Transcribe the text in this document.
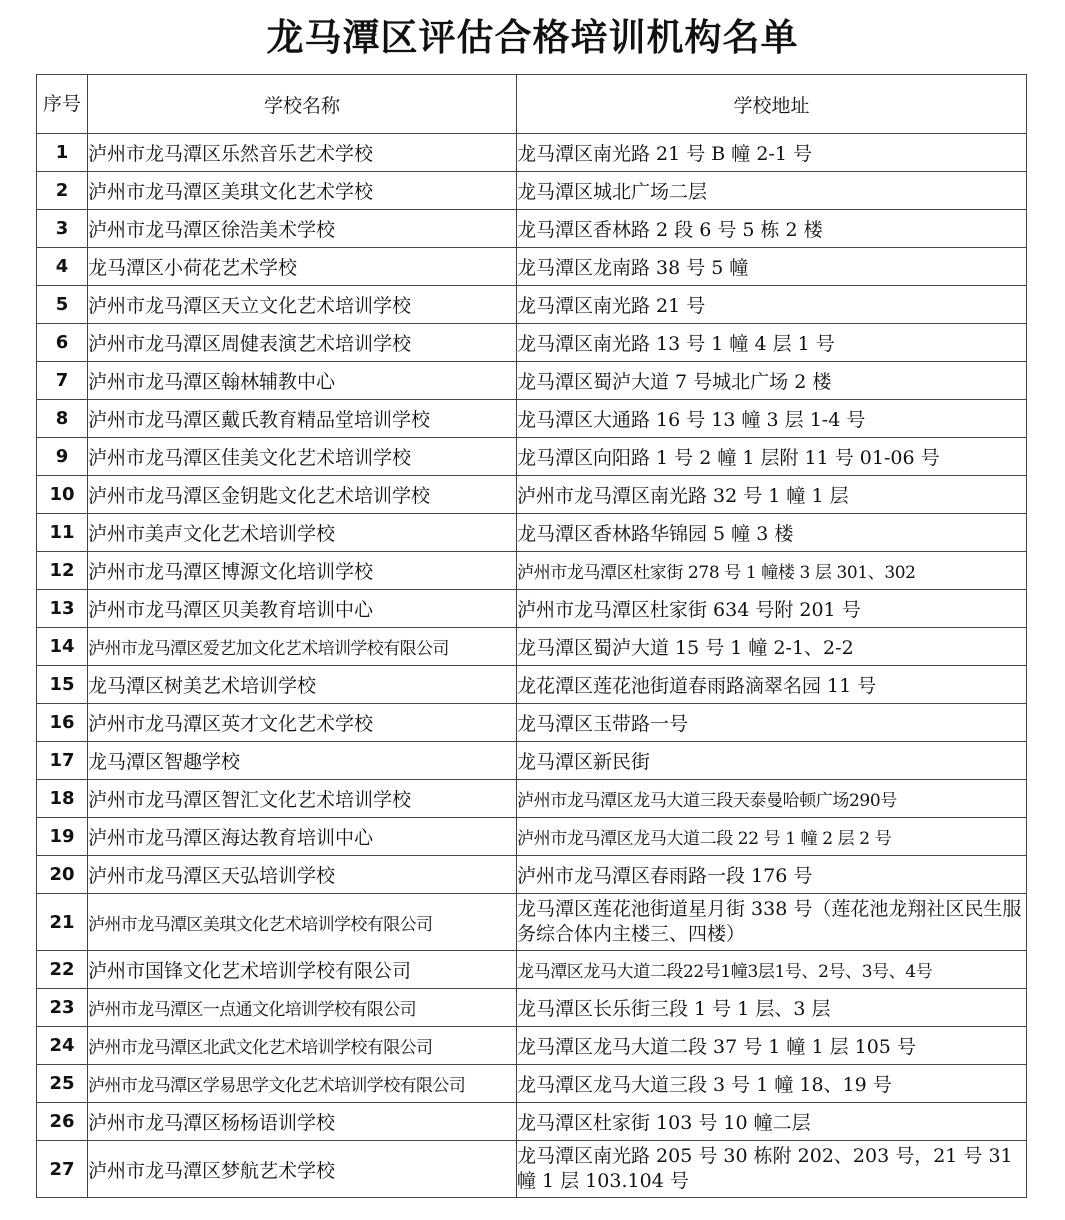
龙马潭区评估合格培训机构名单
序号	学校名称	学校地址
1	泸州市龙马潭区乐然音乐艺术学校	龙马潭区南光路 21 号 B 幢 2-1 号
2	泸州市龙马潭区美琪文化艺术学校	龙马潭区城北广场二层
3	泸州市龙马潭区徐浩美术学校	龙马潭区香林路 2 段 6 号 5 栋 2 楼
4	龙马潭区小荷花艺术学校	龙马潭区龙南路 38 号 5 幢
5	泸州市龙马潭区天立文化艺术培训学校	龙马潭区南光路 21 号
6	泸州市龙马潭区周健表演艺术培训学校	龙马潭区南光路 13 号 1 幢 4 层 1 号
7	泸州市龙马潭区翰林辅教中心	龙马潭区蜀泸大道 7 号城北广场 2 楼
8	泸州市龙马潭区戴氏教育精品堂培训学校	龙马潭区大通路 16 号 13 幢 3 层 1-4 号
9	泸州市龙马潭区佳美文化艺术培训学校	龙马潭区向阳路 1 号 2 幢 1 层附 11 号 01-06 号
10	泸州市龙马潭区金钥匙文化艺术培训学校	泸州市龙马潭区南光路 32 号 1 幢 1 层
11	泸州市美声文化艺术培训学校	龙马潭区香林路华锦园 5 幢 3 楼
12	泸州市龙马潭区博源文化培训学校	泸州市龙马潭区杜家街 278 号 1 幢楼 3 层 301、302
13	泸州市龙马潭区贝美教育培训中心	泸州市龙马潭区杜家街 634 号附 201 号
14	泸州市龙马潭区爱艺加文化艺术培训学校有限公司	龙马潭区蜀泸大道 15 号 1 幢 2-1、2-2
15	龙马潭区树美艺术培训学校	龙花潭区莲花池街道春雨路滴翠名园 11 号
16	泸州市龙马潭区英才文化艺术学校	龙马潭区玉带路一号
17	龙马潭区智趣学校	龙马潭区新民街
18	泸州市龙马潭区智汇文化艺术培训学校	泸州市龙马潭区龙马大道三段天泰曼哈顿广场290号
19	泸州市龙马潭区海达教育培训中心	泸州市龙马潭区龙马大道二段 22 号 1 幢 2 层 2 号
20	泸州市龙马潭区天弘培训学校	泸州市龙马潭区春雨路一段 176 号
21	泸州市龙马潭区美琪文化艺术培训学校有限公司	龙马潭区莲花池街道星月街 338 号（莲花池龙翔社区民生服务综合体内主楼三、四楼）
22	泸州市国锋文化艺术培训学校有限公司	龙马潭区龙马大道二段22号1幢3层1号、2号、3号、4号
23	泸州市龙马潭区一点通文化培训学校有限公司	龙马潭区长乐街三段 1 号 1 层、3 层
24	泸州市龙马潭区北武文化艺术培训学校有限公司	龙马潭区龙马大道二段 37 号 1 幢 1 层 105 号
25	泸州市龙马潭区学易思学文化艺术培训学校有限公司	龙马潭区龙马大道三段 3 号 1 幢 18、19 号
26	泸州市龙马潭区杨杨语训学校	龙马潭区杜家街 103 号 10 幢二层
27	泸州市龙马潭区梦航艺术学校	龙马潭区南光路 205 号 30 栋附 202、203 号，21 号 31 幢 1 层 103.104 号
